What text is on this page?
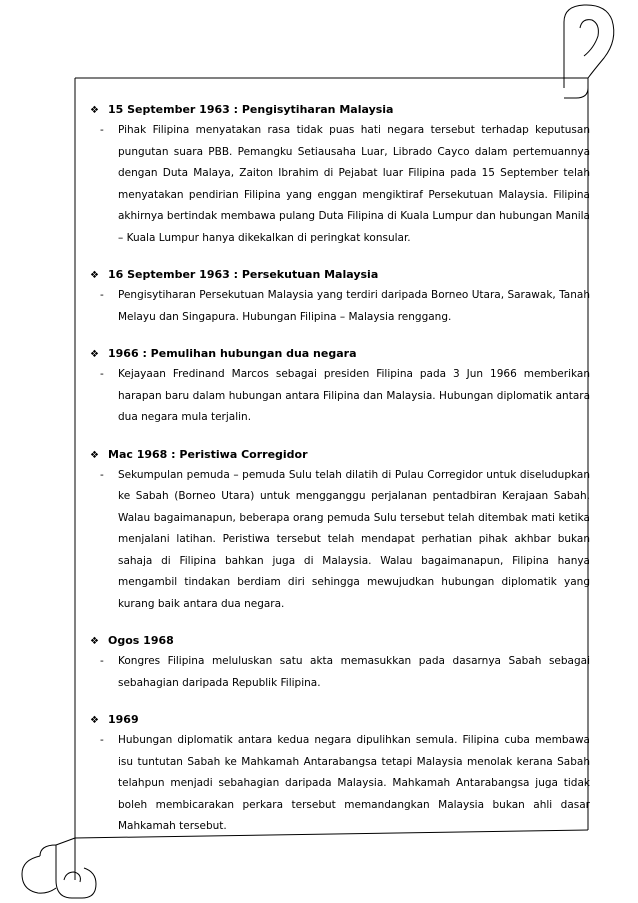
❖ 15 September 1963 : Pengisytiharan Malaysia
-	Pihak Filipina menyatakan rasa tidak puas hati negara tersebut terhadap keputusan pungutan suara PBB. Pemangku Setiausaha Luar, Librado Cayco dalam pertemuannya dengan Duta Malaya, Zaiton Ibrahim di Pejabat luar Filipina pada 15 September telah menyatakan pendirian Filipina yang enggan mengiktiraf Persekutuan Malaysia. Filipina akhirnya bertindak membawa pulang Duta Filipina di Kuala Lumpur dan hubungan Manila – Kuala Lumpur hanya dikekalkan di peringkat konsular.

❖ 16 September 1963 : Persekutuan Malaysia
-	Pengisytiharan Persekutuan Malaysia yang terdiri daripada Borneo Utara, Sarawak, Tanah Melayu dan Singapura. Hubungan Filipina – Malaysia renggang.

❖ 1966 : Pemulihan hubungan dua negara
-	Kejayaan Fredinand Marcos sebagai presiden Filipina pada 3 Jun 1966 memberikan harapan baru dalam hubungan antara Filipina dan Malaysia. Hubungan diplomatik antara dua negara mula terjalin.

❖ Mac 1968 : Peristiwa Corregidor
-	Sekumpulan pemuda – pemuda Sulu telah dilatih di Pulau Corregidor untuk diseludupkan ke Sabah (Borneo Utara) untuk mengganggu perjalanan pentadbiran Kerajaan Sabah. Walau bagaimanapun, beberapa orang pemuda Sulu tersebut telah ditembak mati ketika menjalani latihan. Peristiwa tersebut telah mendapat perhatian pihak akhbar bukan sahaja di Filipina bahkan juga di Malaysia. Walau bagaimanapun, Filipina hanya mengambil tindakan berdiam diri sehingga mewujudkan hubungan diplomatik yang kurang baik antara dua negara.

❖ Ogos 1968
-	Kongres Filipina meluluskan satu akta memasukkan pada dasarnya Sabah sebagai sebahagian daripada Republik Filipina.

❖ 1969
-	Hubungan diplomatik antara kedua negara dipulihkan semula. Filipina cuba membawa isu tuntutan Sabah ke Mahkamah Antarabangsa tetapi Malaysia menolak kerana Sabah telahpun menjadi sebahagian daripada Malaysia. Mahkamah Antarabangsa juga tidak boleh membicarakan perkara tersebut memandangkan Malaysia bukan ahli dasar Mahkamah tersebut.
